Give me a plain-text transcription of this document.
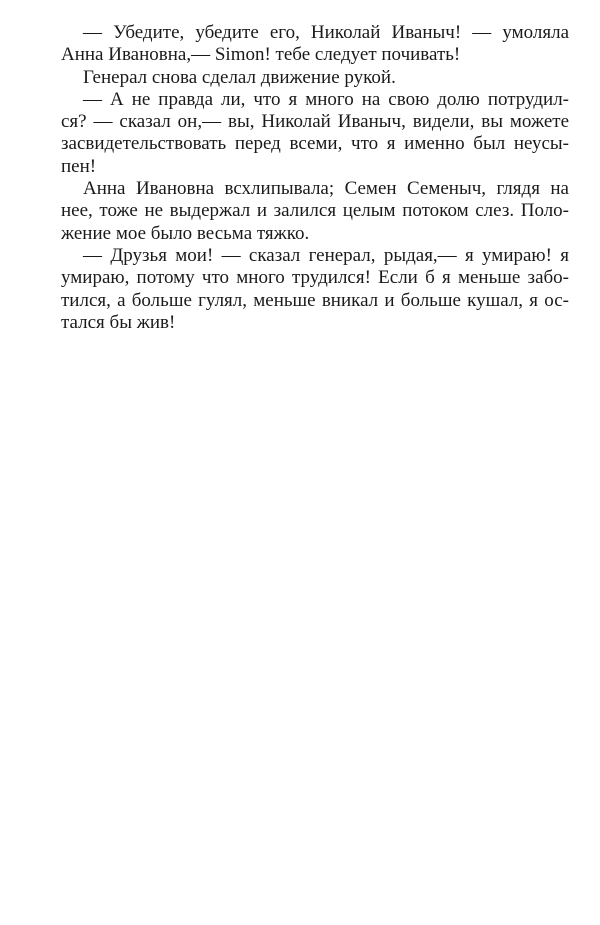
— Убедите, убедите его, Николай Иваныч! — умоляла
Анна Ивановна,— Simon! тебе следует почивать!
Генерал снова сделал движение рукой.
— А не правда ли, что я много на свою долю потрудил-
ся? — сказал он,— вы, Николай Иваныч, видели, вы можете
засвидетельствовать перед всеми, что я именно был неусы-
пен!
Анна Ивановна всхлипывала; Семен Семеныч, глядя на
нее, тоже не выдержал и залился целым потоком слез. Поло-
жение мое было весьма тяжко.
— Друзья мои! — сказал генерал, рыдая,— я умираю! я
умираю, потому что много трудился! Если б я меньше забо-
тился, а больше гулял, меньше вникал и больше кушал, я ос-
тался бы жив!
